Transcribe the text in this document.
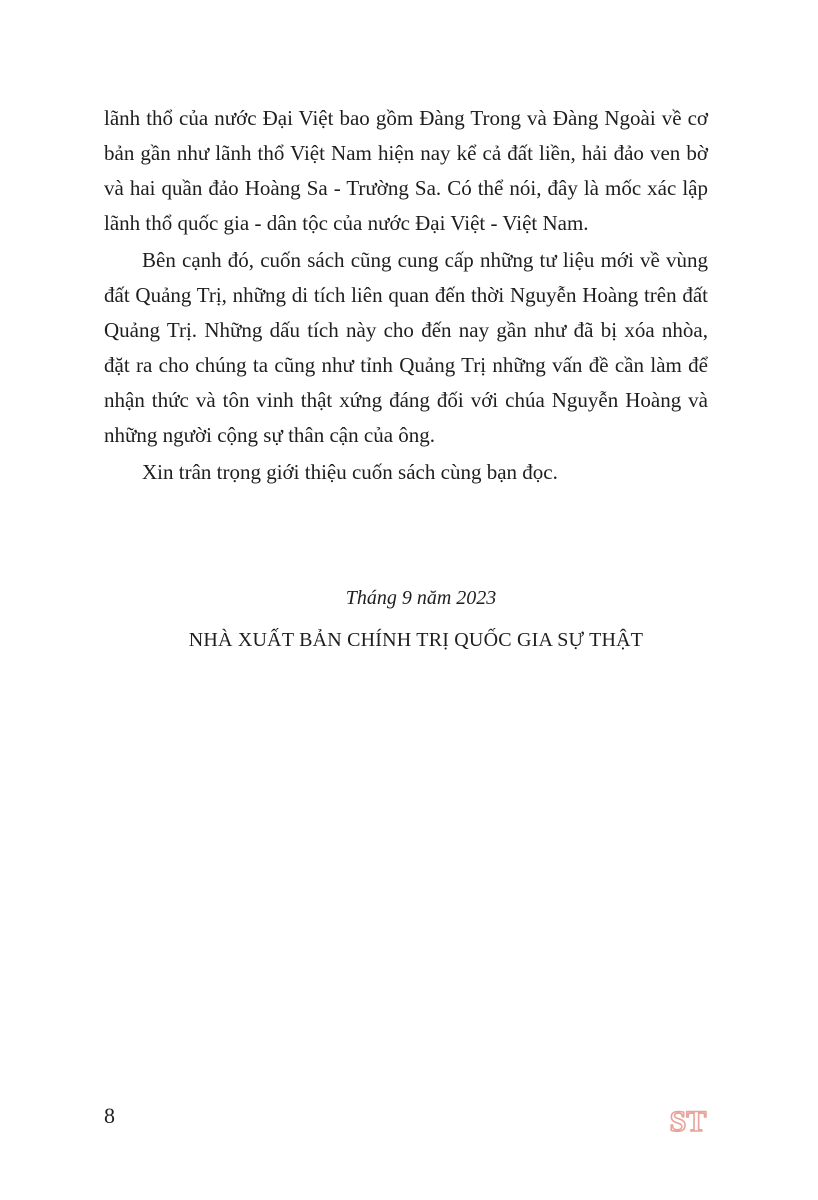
lãnh thổ của nước Đại Việt bao gồm Đàng Trong và Đàng Ngoài về cơ bản gần như lãnh thổ Việt Nam hiện nay kể cả đất liền, hải đảo ven bờ và hai quần đảo Hoàng Sa - Trường Sa. Có thể nói, đây là mốc xác lập lãnh thổ quốc gia - dân tộc của nước Đại Việt - Việt Nam.

Bên cạnh đó, cuốn sách cũng cung cấp những tư liệu mới về vùng đất Quảng Trị, những di tích liên quan đến thời Nguyễn Hoàng trên đất Quảng Trị. Những dấu tích này cho đến nay gần như đã bị xóa nhòa, đặt ra cho chúng ta cũng như tỉnh Quảng Trị những vấn đề cần làm để nhận thức và tôn vinh thật xứng đáng đối với chúa Nguyễn Hoàng và những người cộng sự thân cận của ông.

Xin trân trọng giới thiệu cuốn sách cùng bạn đọc.

Tháng 9 năm 2023
NHÀ XUẤT BẢN CHÍNH TRỊ QUỐC GIA SỰ THẬT
8	ST
